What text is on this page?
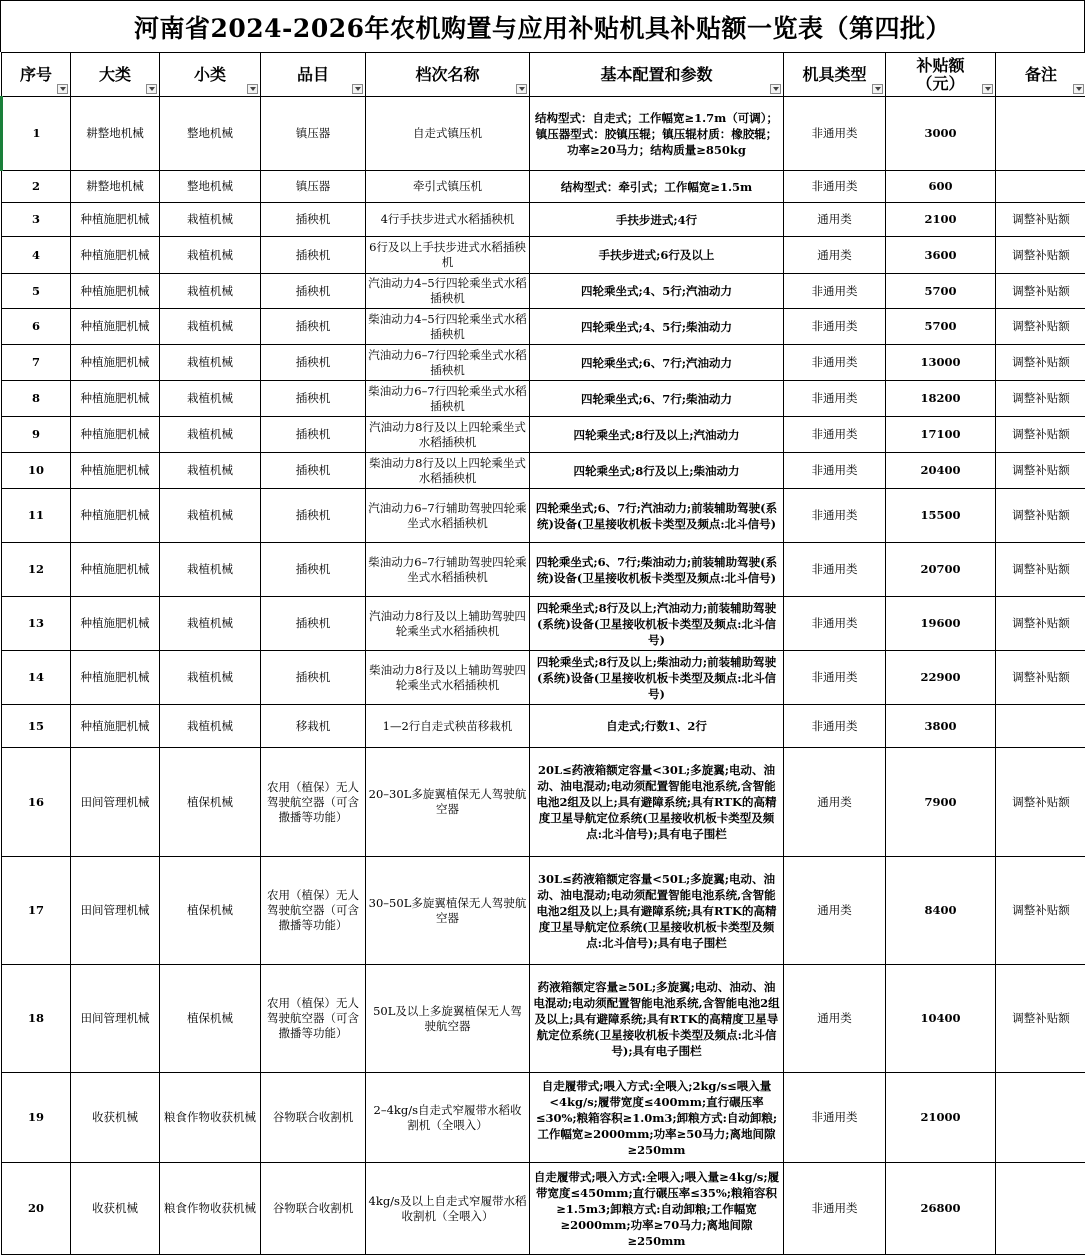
河南省2024-2026年农机购置与应用补贴机具补贴额一览表（第四批）
序号	大类	小类	品目	档次名称	基本配置和参数	机具类型	补贴额（元）	备注

1	耕整地机械	整地机械	镇压器	自走式镇压机	结构型式：自走式；工作幅宽≥1.7m（可调）；镇压器型式：胶镇压辊；镇压辊材质：橡胶辊；功率≥20马力；结构质量≥850kg	非通用类	3000	
2	耕整地机械	整地机械	镇压器	牵引式镇压机	结构型式：牵引式；工作幅宽≥1.5m	非通用类	600	
3	种植施肥机械	栽植机械	插秧机	4行手扶步进式水稻插秧机	手扶步进式;4行	通用类	2100	调整补贴额
4	种植施肥机械	栽植机械	插秧机	6行及以上手扶步进式水稻插秧机	手扶步进式;6行及以上	通用类	3600	调整补贴额
5	种植施肥机械	栽植机械	插秧机	汽油动力4–5行四轮乘坐式水稻插秧机	四轮乘坐式;4、5行;汽油动力	非通用类	5700	调整补贴额
6	种植施肥机械	栽植机械	插秧机	柴油动力4–5行四轮乘坐式水稻插秧机	四轮乘坐式;4、5行;柴油动力	非通用类	5700	调整补贴额
7	种植施肥机械	栽植机械	插秧机	汽油动力6–7行四轮乘坐式水稻插秧机	四轮乘坐式;6、7行;汽油动力	非通用类	13000	调整补贴额
8	种植施肥机械	栽植机械	插秧机	柴油动力6–7行四轮乘坐式水稻插秧机	四轮乘坐式;6、7行;柴油动力	非通用类	18200	调整补贴额
9	种植施肥机械	栽植机械	插秧机	汽油动力8行及以上四轮乘坐式水稻插秧机	四轮乘坐式;8行及以上;汽油动力	非通用类	17100	调整补贴额
10	种植施肥机械	栽植机械	插秧机	柴油动力8行及以上四轮乘坐式水稻插秧机	四轮乘坐式;8行及以上;柴油动力	非通用类	20400	调整补贴额
11	种植施肥机械	栽植机械	插秧机	汽油动力6–7行辅助驾驶四轮乘坐式水稻插秧机	四轮乘坐式;6、7行;汽油动力;前装辅助驾驶(系统)设备(卫星接收机板卡类型及频点:北斗信号)	非通用类	15500	调整补贴额
12	种植施肥机械	栽植机械	插秧机	柴油动力6–7行辅助驾驶四轮乘坐式水稻插秧机	四轮乘坐式;6、7行;柴油动力;前装辅助驾驶(系统)设备(卫星接收机板卡类型及频点:北斗信号)	非通用类	20700	调整补贴额
13	种植施肥机械	栽植机械	插秧机	汽油动力8行及以上辅助驾驶四轮乘坐式水稻插秧机	四轮乘坐式;8行及以上;汽油动力;前装辅助驾驶(系统)设备(卫星接收机板卡类型及频点:北斗信号)	非通用类	19600	调整补贴额
14	种植施肥机械	栽植机械	插秧机	柴油动力8行及以上辅助驾驶四轮乘坐式水稻插秧机	四轮乘坐式;8行及以上;柴油动力;前装辅助驾驶(系统)设备(卫星接收机板卡类型及频点:北斗信号)	非通用类	22900	调整补贴额
15	种植施肥机械	栽植机械	移栽机	1—2行自走式秧苗移栽机	自走式;行数1、2行	非通用类	3800	
16	田间管理机械	植保机械	农用（植保）无人驾驶航空器（可含撒播等功能）	20–30L多旋翼植保无人驾驶航空器	20L≤药液箱额定容量<30L;多旋翼;电动、油动、油电混动;电动须配置智能电池系统,含智能电池2组及以上;具有避障系统;具有RTK的高精度卫星导航定位系统(卫星接收机板卡类型及频点:北斗信号);具有电子围栏	通用类	7900	调整补贴额
17	田间管理机械	植保机械	农用（植保）无人驾驶航空器（可含撒播等功能）	30–50L多旋翼植保无人驾驶航空器	30L≤药液箱额定容量<50L;多旋翼;电动、油动、油电混动;电动须配置智能电池系统,含智能电池2组及以上;具有避障系统;具有RTK的高精度卫星导航定位系统(卫星接收机板卡类型及频点:北斗信号);具有电子围栏	通用类	8400	调整补贴额
18	田间管理机械	植保机械	农用（植保）无人驾驶航空器（可含撒播等功能）	50L及以上多旋翼植保无人驾驶航空器	药液箱额定容量≥50L;多旋翼;电动、油动、油电混动;电动须配置智能电池系统,含智能电池2组及以上;具有避障系统;具有RTK的高精度卫星导航定位系统(卫星接收机板卡类型及频点:北斗信号);具有电子围栏	通用类	10400	调整补贴额
19	收获机械	粮食作物收获机械	谷物联合收割机	2–4kg/s自走式窄履带水稻收割机（全喂入）	自走履带式;喂入方式:全喂入;2kg/s≤喂入量<4kg/s;履带宽度≤400mm;直行碾压率≤30%;粮箱容积≥1.0m3;卸粮方式:自动卸粮;工作幅宽≥2000mm;功率≥50马力;离地间隙≥250mm	非通用类	21000	
20	收获机械	粮食作物收获机械	谷物联合收割机	4kg/s及以上自走式窄履带水稻收割机（全喂入）	自走履带式;喂入方式:全喂入;喂入量≥4kg/s;履带宽度≤450mm;直行碾压率≤35%;粮箱容积≥1.5m3;卸粮方式:自动卸粮;工作幅宽≥2000mm;功率≥70马力;离地间隙≥250mm	非通用类	26800	
